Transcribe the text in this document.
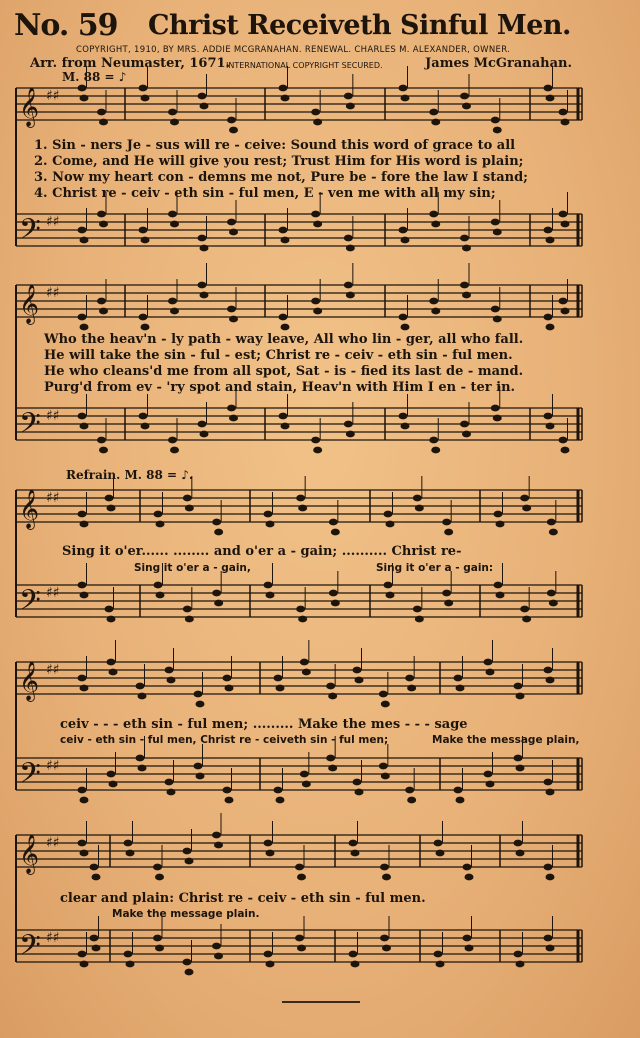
No. 59 Christ Receiveth Sinful Men.
COPYRIGHT, 1910, BY MRS. ADDIE MCGRANAHAN. RENEWAL. CHARLES M. ALEXANDER, OWNER.
Arr. from Neumaster, 1671.
INTERNATIONAL COPYRIGHT SECURED.	James McGranahan.
M. 88 = ♪
Refrain. M. 88 = ♪.
𝄞 ♯♯
𝄢 ♯♯
𝄞 ♯♯
𝄢 ♯♯
𝄞 ♯♯
𝄢 ♯♯
𝄞 ♯♯
𝄢 ♯♯
𝄞 ♯♯
𝄢 ♯♯
1. Sin - ners Je - sus will re - ceive: Sound this word of grace to all
2. Come, and He will give you rest; Trust Him for His word is plain;
3. Now my heart con - demns me not, Pure be - fore the law I stand;
4. Christ re - ceiv - eth sin - ful men, E - ven me with all my sin;
Who the heav'n - ly path - way leave, All who lin - ger, all who fall.
He will take the sin - ful - est; Christ re - ceiv - eth sin - ful men.
He who cleans'd me from all spot, Sat - is - fied its last de - mand.
Purg'd from ev - 'ry spot and stain, Heav'n with Him I en - ter in.
Sing it o'er...... ........ and o'er a - gain; .......... Christ re-
Sing it o'er a - gain,	Sing it o'er a - gain:
ceiv - - - eth sin - ful men; ......... Make the mes - - - sage
ceiv - eth sin - ful men, Christ re - ceiveth sin - ful men;	Make the message plain,
clear and plain: Christ re - ceiv - eth sin - ful men.
Make the message plain.
